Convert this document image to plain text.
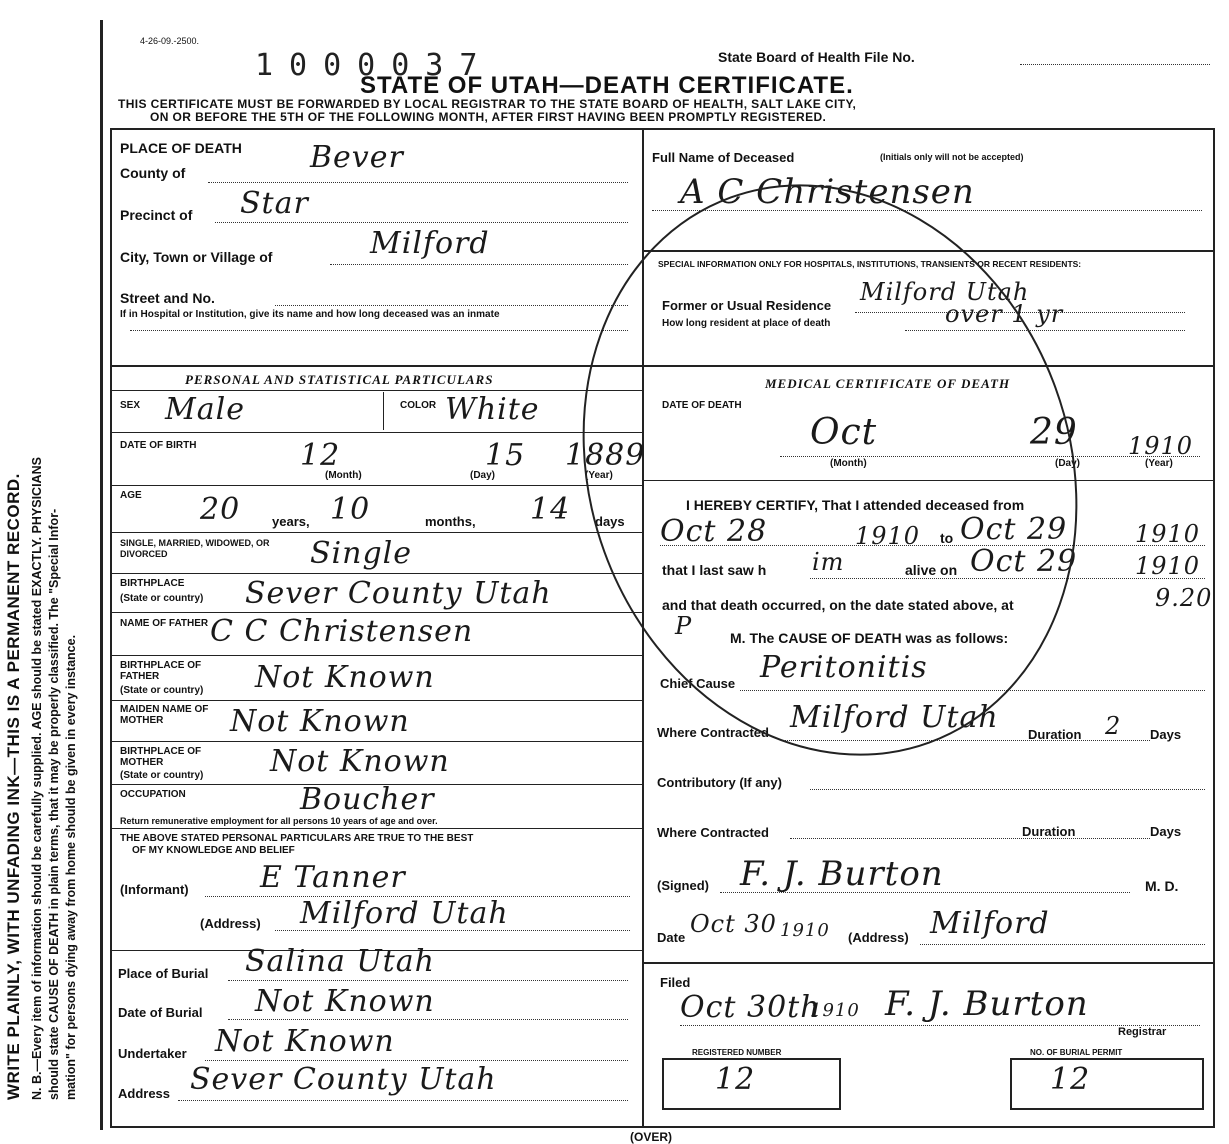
WRITE PLAINLY, WITH UNFADING INK—THIS IS A PERMANENT RECORD. N. B.—Every item of information should be carefully supplied. AGE should be stated EXACTLY. PHYSICIANS should state CAUSE OF DEATH in plain terms, that it may be properly classified. The "Special Infor- mation" for persons dying away from home should be given in every instance.
4-26-09.-2500.
1000037	State Board of Health File No.
STATE OF UTAH—DEATH CERTIFICATE.
THIS CERTIFICATE MUST BE FORWARDED BY LOCAL REGISTRAR TO THE STATE BOARD OF HEALTH, SALT LAKE CITY,
ON OR BEFORE THE 5TH OF THE FOLLOWING MONTH, AFTER FIRST HAVING BEEN PROMPTLY REGISTERED.
PLACE OF DEATH
County of	Bever
Precinct of Star
City, Town or Village of	Milford
Street and No.
If in Hospital or Institution, give its name and how long deceased was an inmate
Full Name of Deceased	(Initials only will not be accepted)
A C Christensen
SPECIAL INFORMATION ONLY FOR HOSPITALS, INSTITUTIONS, TRANSIENTS OR RECENT RESIDENTS:
Former or Usual Residence Milford Utah
How long resident at place of death	over 1 yr
PERSONAL AND STATISTICAL PARTICULARS	MEDICAL CERTIFICATE OF DEATH
SEX Male	COLOR White
DATE OF BIRTH	12	15 1889
(Month)	(Day)	(Year)
AGE 20 years, 10	months, 14 days
SINGLE, MARRIED, WIDOWED, OR DIVORCED	Single
BIRTHPLACE
(State or country) Sever County Utah
NAME OF FATHER C C Christensen
BIRTHPLACE OF FATHER
(State or country) Not Known
MAIDEN NAME OF MOTHER	Not Known
BIRTHPLACE OF MOTHER
(State or country) Not Known
OCCUPATION	Boucher
Return remunerative employment for all persons 10 years of age and over.
THE ABOVE STATED PERSONAL PARTICULARS ARE TRUE TO THE BEST
OF MY KNOWLEDGE AND BELIEF
(Informant) E Tanner
(Address) Milford Utah
Place of Burial Salina Utah
Date of Burial Not Known
Undertaker Not Known
Address Sever County Utah
DATE OF DEATH
Oct	29 1910
(Month)	(Day)	(Year)
I HEREBY CERTIFY, That I attended deceased from
Oct 28	1910 to Oct 29	1910
that I last saw h im	alive on Oct 29 1910
and that death occurred, on the date stated above, at	9.20
P	M. The CAUSE OF DEATH was as follows:
Chief Cause Peritonitis
Where Contracted Milford Utah Duration 2 Days
Contributory (If any)
Where Contracted	Duration	Days
(Signed) F. J. Burton	M. D.
Date Oct 30 1910 (Address) Milford
Filed
Oct 30th
1910 F. J. Burton
Registrar
REGISTERED NUMBER
12
NO. OF BURIAL PERMIT
12
(OVER)
